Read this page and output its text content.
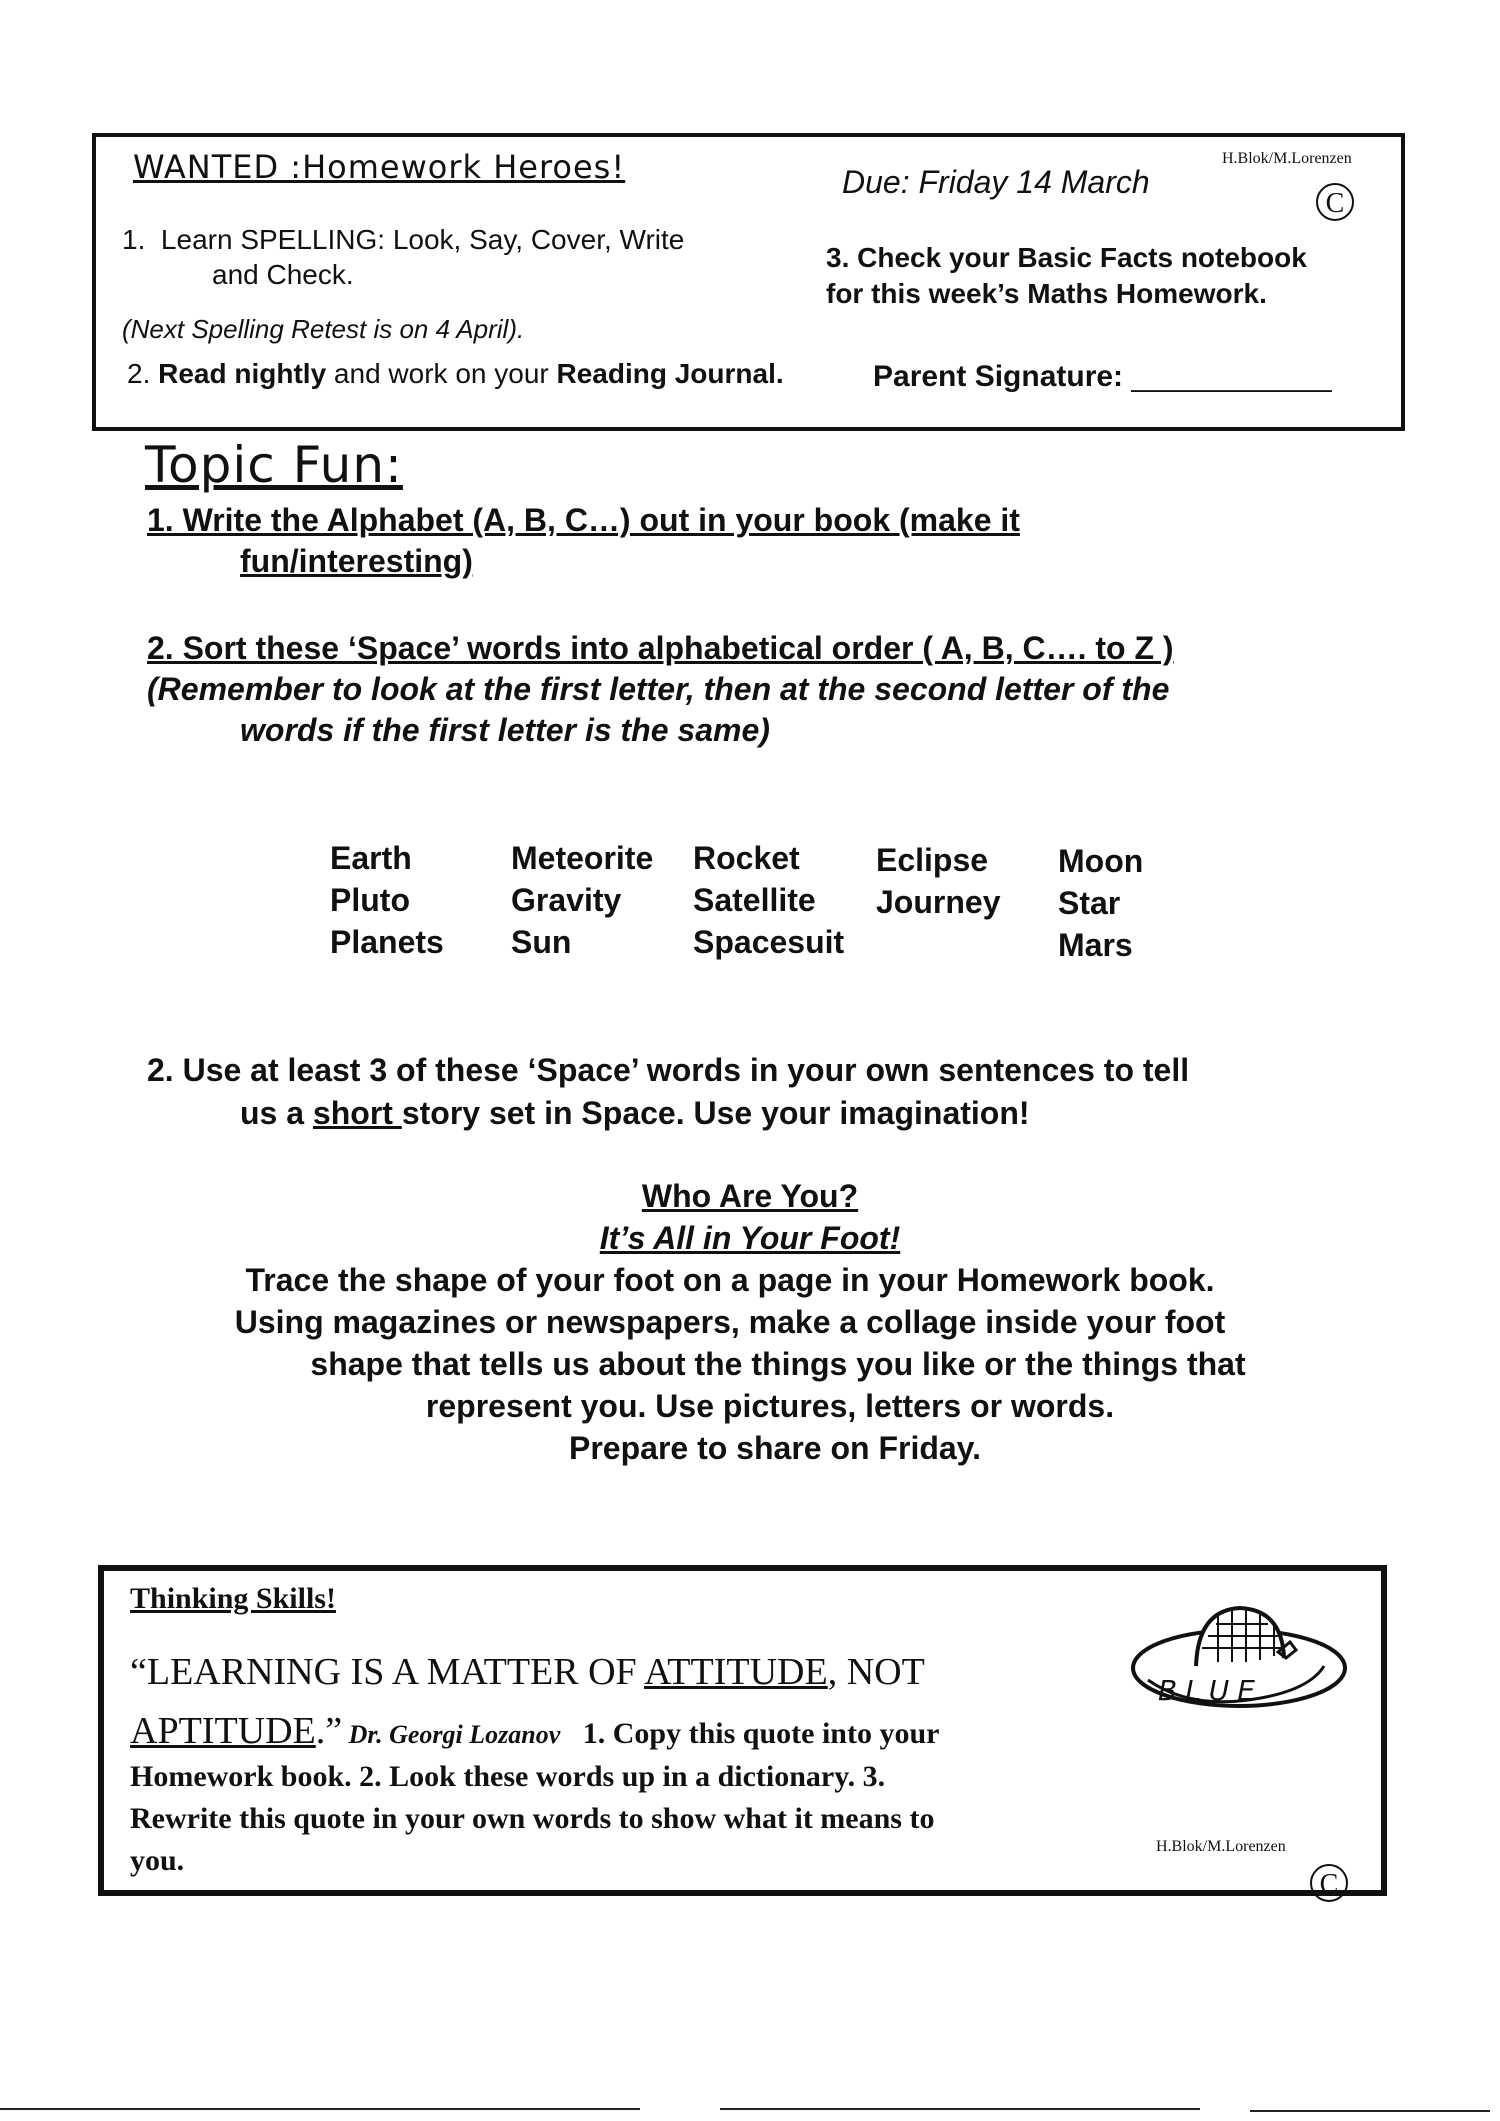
WANTED :Homework Heroes!	Due: Friday 14 March
H.Blok/M.Lorenzen
C
1. Learn SPELLING: Look, Say, Cover, Write
and Check.
(Next Spelling Retest is on 4 April).
2. Read nightly and work on your Reading Journal.
3. Check your Basic Facts notebook
for this week’s Maths Homework.
Parent Signature: ____________
Topic Fun:
1. Write the Alphabet (A, B, C…) out in your book (make it
fun/interesting)
2. Sort these ‘Space’ words into alphabetical order ( A, B, C…. to Z )
(Remember to look at the first letter, then at the second letter of the
words if the first letter is the same)
Earth
Pluto
Planets
Meteorite
Gravity
Sun
Rocket
Satellite
Spacesuit
Eclipse
Journey
Moon
Star
Mars
2. Use at least 3 of these ‘Space’ words in your own sentences to tell
us a short story set in Space. Use your imagination!
Who Are You?
It’s All in Your Foot!
Trace the shape of your foot on a page in your Homework book.
Using magazines or newspapers, make a collage inside your foot
shape that tells us about the things you like or the things that
represent you. Use pictures, letters or words.
Prepare to share on Friday.
Thinking Skills!
“LEARNING IS A MATTER OF ATTITUDE, NOT
APTITUDE.” Dr. Georgi Lozanov 1. Copy this quote into your
Homework book. 2. Look these words up in a dictionary. 3.
Rewrite this quote in your own words to show what it means to
you.
BLUE
H.Blok/M.Lorenzen
C
